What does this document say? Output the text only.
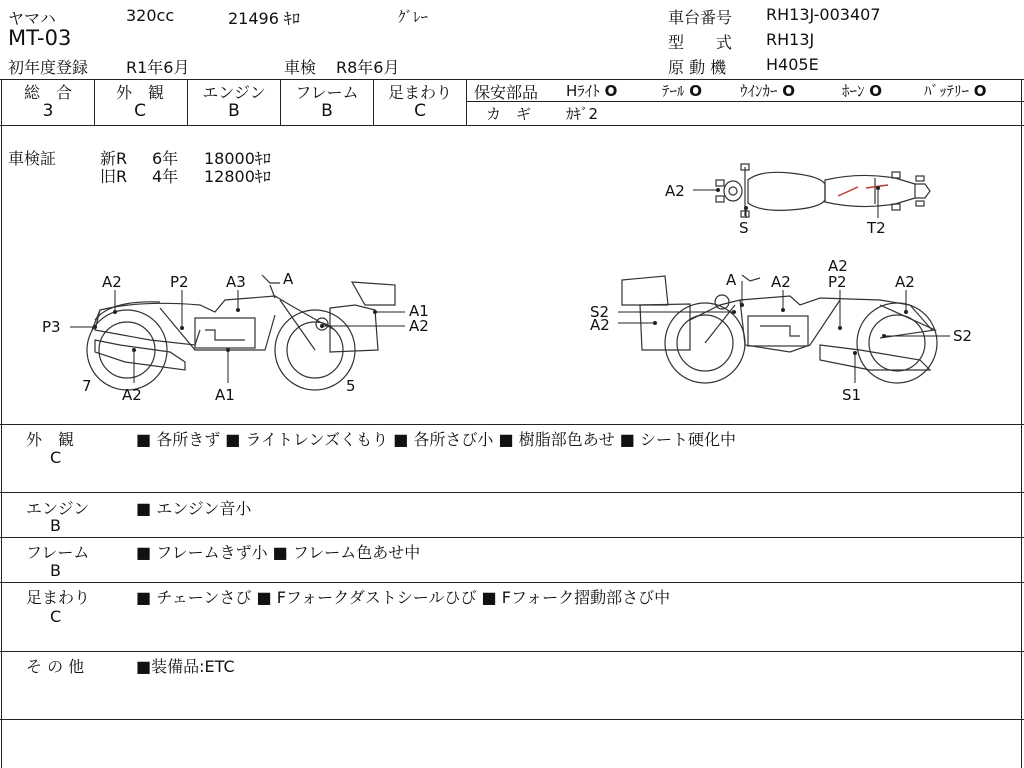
ヤマハ	320cc	21496 ｷﾛ	ｸﾞﾚｰ
MT-03
初年度登録 R1年6月	車検 R8年6月
車台番号 RH13J-003407
型　　式 RH13J
原 動 機 H405E
総　合
3
外　観
C
エンジン
B
フレーム
B
足まわり
C
保安部品 Hﾗｲﾄ O	ﾃｰﾙ O	ｳｲﾝｶｰ O	ﾎｰﾝ O	ﾊﾞｯﾃﾘｰ O
カ　ギ ｶｷﾞ2
車検証	新R 6年 18000ｷﾛ
旧R 4年 12800ｷﾛ
A2
S	T2
A2	P2 A3 A
P3
A1
A2
7 A2	A1	5
A A2
A2
P2	A2
S2
A2
S2
S1
外　観
C
■ 各所きず ■ ライトレンズくもり ■ 各所さび小 ■ 樹脂部色あせ ■ シート硬化中
エンジン
B
■ エンジン音小
フレーム
B
■ フレームきず小 ■ フレーム色あせ中
足まわり
C
■ チェーンさび ■ Fフォークダストシールひび ■ Fフォーク摺動部さび中
そ の 他	■装備品:ETC
